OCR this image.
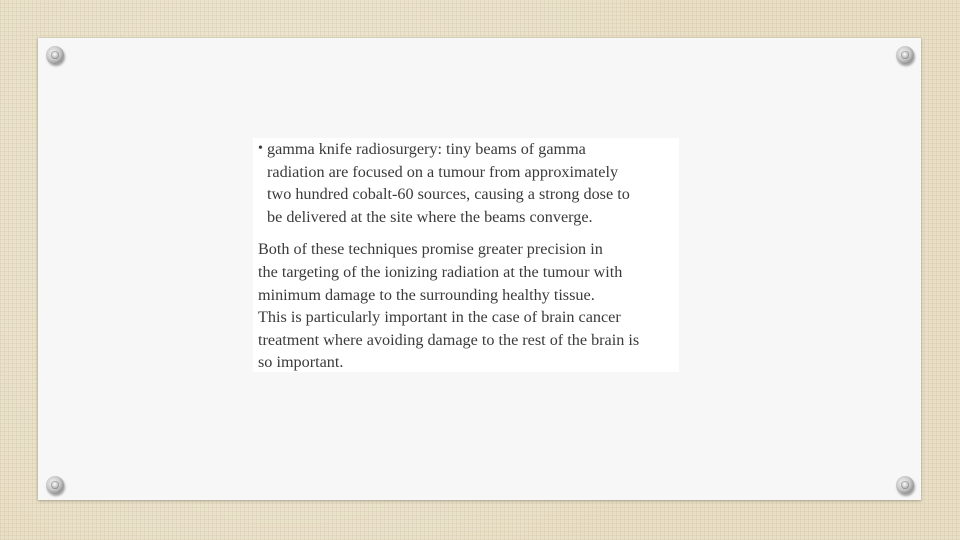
• gamma knife radiosurgery: tiny beams of gamma
radiation are focused on a tumour from approximately
two hundred cobalt-60 sources, causing a strong dose to
be delivered at the site where the beams converge.
Both of these techniques promise greater precision in
the targeting of the ionizing radiation at the tumour with
minimum damage to the surrounding healthy tissue.
This is particularly important in the case of brain cancer
treatment where avoiding damage to the rest of the brain is
so important.
